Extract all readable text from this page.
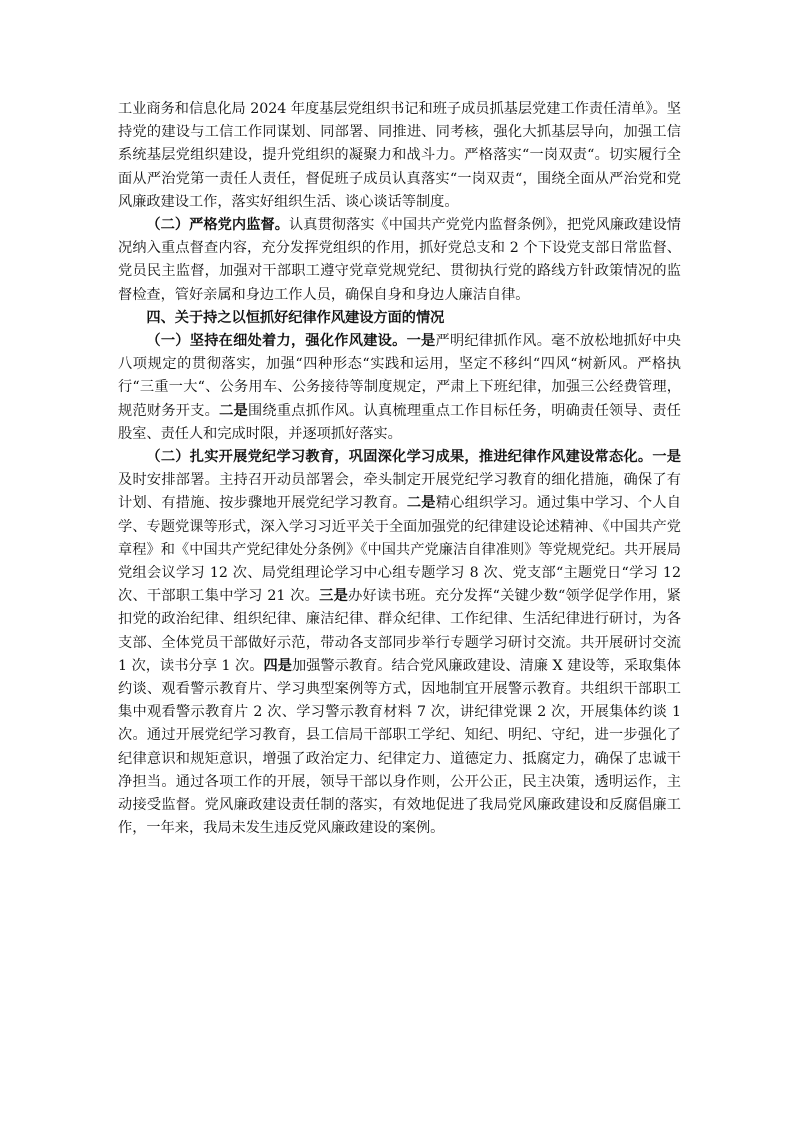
工业商务和信息化局 2024 年度基层党组织书记和班子成员抓基层党建工作责任清单》。坚持党的建设与工信工作同谋划、同部署、同推进、同考核，强化大抓基层导向，加强工信系统基层党组织建设，提升党组织的凝聚力和战斗力。严格落实“一岗双责“。切实履行全面从严治党第一责任人责任，督促班子成员认真落实“一岗双责“，围绕全面从严治党和党风廉政建设工作，落实好组织生活、谈心谈话等制度。

（二）严格党内监督。认真贯彻落实《中国共产党党内监督条例》，把党风廉政建设情况纳入重点督查内容，充分发挥党组织的作用，抓好党总支和 2 个下设党支部日常监督、党员民主监督，加强对干部职工遵守党章党规党纪、贯彻执行党的路线方针政策情况的监督检查，管好亲属和身边工作人员，确保自身和身边人廉洁自律。

四、关于持之以恒抓好纪律作风建设方面的情况

（一）坚持在细处着力，强化作风建设。一是严明纪律抓作风。毫不放松地抓好中央八项规定的贯彻落实，加强“四种形态“实践和运用，坚定不移纠“四风“树新风。严格执行“三重一大“、公务用车、公务接待等制度规定，严肃上下班纪律，加强三公经费管理，规范财务开支。二是围绕重点抓作风。认真梳理重点工作目标任务，明确责任领导、责任股室、责任人和完成时限，并逐项抓好落实。

（二）扎实开展党纪学习教育，巩固深化学习成果，推进纪律作风建设常态化。一是及时安排部署。主持召开动员部署会，牵头制定开展党纪学习教育的细化措施，确保了有计划、有措施、按步骤地开展党纪学习教育。二是精心组织学习。通过集中学习、个人自学、专题党课等形式，深入学习习近平关于全面加强党的纪律建设论述精神、《中国共产党章程》和《中国共产党纪律处分条例》《中国共产党廉洁自律准则》等党规党纪。共开展局党组会议学习 12 次、局党组理论学习中心组专题学习 8 次、党支部“主题党日“学习 12 次、干部职工集中学习 21 次。三是办好读书班。充分发挥“关键少数“领学促学作用，紧扣党的政治纪律、组织纪律、廉洁纪律、群众纪律、工作纪律、生活纪律进行研讨，为各支部、全体党员干部做好示范，带动各支部同步举行专题学习研讨交流。共开展研讨交流 1 次，读书分享 1 次。四是加强警示教育。结合党风廉政建设、清廉 X 建设等，采取集体约谈、观看警示教育片、学习典型案例等方式，因地制宜开展警示教育。共组织干部职工集中观看警示教育片 2 次、学习警示教育材料 7 次，讲纪律党课 2 次，开展集体约谈 1 次。通过开展党纪学习教育，县工信局干部职工学纪、知纪、明纪、守纪，进一步强化了纪律意识和规矩意识，增强了政治定力、纪律定力、道德定力、抵腐定力，确保了忠诚干净担当。通过各项工作的开展，领导干部以身作则，公开公正，民主决策，透明运作，主动接受监督。党风廉政建设责任制的落实，有效地促进了我局党风廉政建设和反腐倡廉工作，一年来，我局未发生违反党风廉政建设的案例。
